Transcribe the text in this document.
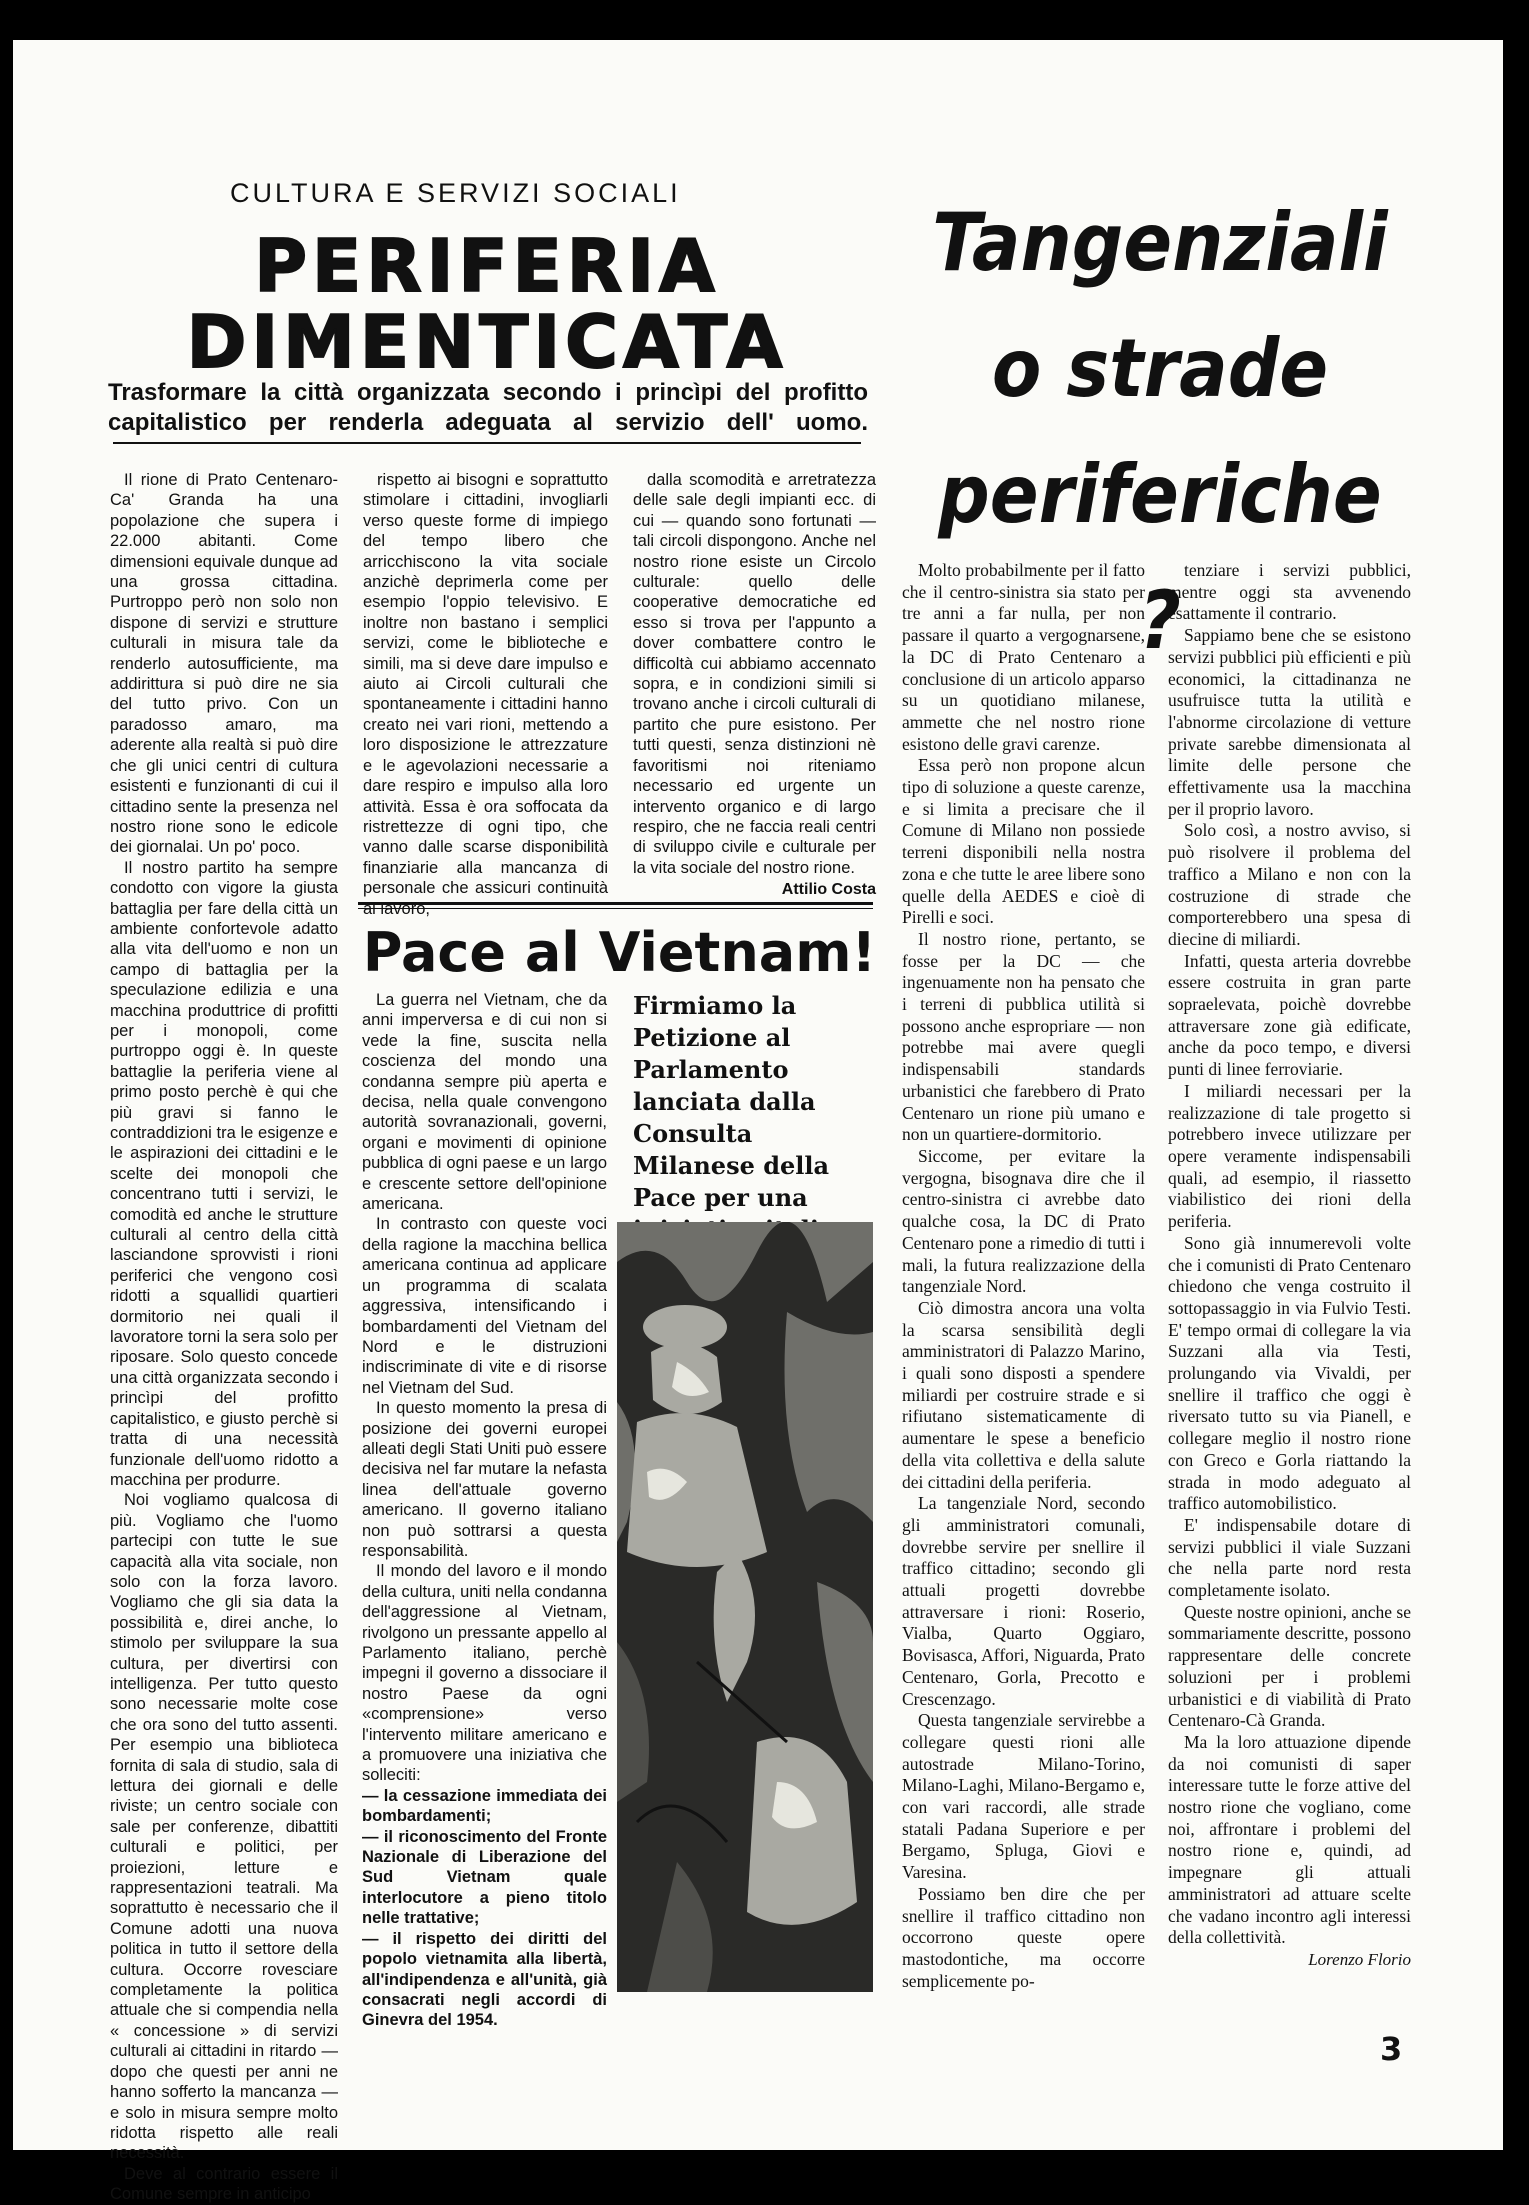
CULTURA E SERVIZI SOCIALI
PERIFERIA
DIMENTICATA
Trasformare la città organizzata secondo i princìpi del profitto capitalistico per renderla adeguata al servizio dell' uomo.
Tangenziali
o strade
periferiche ?

Il rione di Prato Centenaro-Ca' Granda ha una popolazione che supera i 22.000 abitanti. Come dimensioni equivale dunque ad una grossa cittadina. Purtroppo però non solo non dispone di servizi e strutture culturali in misura tale da renderlo autosufficiente, ma addirittura si può dire ne sia del tutto privo. Con un paradosso amaro, ma aderente alla realtà si può dire che gli unici centri di cultura esistenti e funzionanti di cui il cittadino sente la presenza nel nostro rione sono le edicole dei giornalai. Un po' poco.

Il nostro partito ha sempre condotto con vigore la giusta battaglia per fare della città un ambiente confortevole adatto alla vita dell'uomo e non un campo di battaglia per la speculazione edilizia e una macchina produttrice di profitti per i monopoli, come purtroppo oggi è. In queste battaglie la periferia viene al primo posto perchè è qui che più gravi si fanno le contraddizioni tra le esigenze e le aspirazioni dei cittadini e le scelte dei monopoli che concentrano tutti i servizi, le comodità ed anche le strutture culturali al centro della città lasciandone sprovvisti i rioni periferici che vengono così ridotti a squallidi quartieri dormitorio nei quali il lavoratore torni la sera solo per riposare. Solo questo concede una città organizzata secondo i princìpi del profitto capitalistico, e giusto perchè si tratta di una necessità funzionale dell'uomo ridotto a macchina per produrre.

Noi vogliamo qualcosa di più. Vogliamo che l'uomo partecipi con tutte le sue capacità alla vita sociale, non solo con la forza lavoro. Vogliamo che gli sia data la possibilità e, direi anche, lo stimolo per sviluppare la sua cultura, per divertirsi con intelligenza. Per tutto questo sono necessarie molte cose che ora sono del tutto assenti. Per esempio una biblioteca fornita di sala di studio, sala di lettura dei giornali e delle riviste; un centro sociale con sale per conferenze, dibattiti culturali e politici, per proiezioni, letture e rappresentazioni teatrali. Ma soprattutto è necessario che il Comune adotti una nuova politica in tutto il settore della cultura. Occorre rovesciare completamente la politica attuale che si compendia nella « concessione » di servizi culturali ai cittadini in ritardo — dopo che questi per anni ne hanno sofferto la mancanza — e solo in misura sempre molto ridotta rispetto alle reali necessità.

Deve al contrario essere il Comune sempre in anticipo

rispetto ai bisogni e soprattutto stimolare i cittadini, invogliarli verso queste forme di impiego del tempo libero che arricchiscono la vita sociale anzichè deprimerla come per esempio l'oppio televisivo. E inoltre non bastano i semplici servizi, come le biblioteche e simili, ma si deve dare impulso e aiuto ai Circoli culturali che spontaneamente i cittadini hanno creato nei vari rioni, mettendo a loro disposizione le attrezzature e le agevolazioni necessarie a dare respiro e impulso alla loro attività. Essa è ora soffocata da ristrettezze di ogni tipo, che vanno dalle scarse disponibilità finanziarie alla mancanza di personale che assicuri continuità al lavoro,

dalla scomodità e arretratezza delle sale degli impianti ecc. di cui — quando sono fortunati — tali circoli dispongono. Anche nel nostro rione esiste un Circolo culturale: quello delle cooperative democratiche ed esso si trova per l'appunto a dover combattere contro le difficoltà cui abbiamo accennato sopra, e in condizioni simili si trovano anche i circoli culturali di partito che pure esistono. Per tutti questi, senza distinzioni nè favoritismi noi riteniamo necessario ed urgente un intervento organico e di largo respiro, che ne faccia reali centri di sviluppo civile e culturale per la vita sociale del nostro rione.

Attilio Costa
Pace al Vietnam!

La guerra nel Vietnam, che da anni imperversa e di cui non si vede la fine, suscita nella coscienza del mondo una condanna sempre più aperta e decisa, nella quale convengono autorità sovranazionali, governi, organi e movimenti di opinione pubblica di ogni paese e un largo e crescente settore dell'opinione americana.

In contrasto con queste voci della ragione la macchina bellica americana continua ad applicare un programma di scalata aggressiva, intensificando i bombardamenti del Vietnam del Nord e le distruzioni indiscriminate di vite e di risorse nel Vietnam del Sud.

In questo momento la presa di posizione dei governi europei alleati degli Stati Uniti può essere decisiva nel far mutare la nefasta linea dell'attuale governo americano. Il governo italiano non può sottrarsi a questa responsabilità.

Il mondo del lavoro e il mondo della cultura, uniti nella condanna dell'aggressione al Vietnam, rivolgono un pressante appello al Parlamento italiano, perchè impegni il governo a dissociare il nostro Paese da ogni «comprensione» verso l'intervento militare americano e a promuovere una iniziativa che solleciti:

— la cessazione immediata dei bombardamenti;
— il riconoscimento del Fronte Nazionale di Liberazione del Sud Vietnam quale interlocutore a pieno titolo nelle trattative;
— il rispetto dei diritti del popolo vietnamita alla libertà, all'indipendenza e all'unità, già consacrati negli accordi di Ginevra del 1954.
Firmiamo la Petizione al Parlamento lanciata dalla Consulta Milanese della Pace per una

Molto probabilmente per il fatto che il centro-sinistra sia stato per tre anni a far nulla, per non passare il quarto a vergognarsene, la DC di Prato Centenaro a conclusione di un articolo apparso su un quotidiano milanese, ammette che nel nostro rione esistono delle gravi carenze.

Essa però non propone alcun tipo di soluzione a queste carenze, e si limita a precisare che il Comune di Milano non possiede terreni disponibili nella nostra zona e che tutte le aree libere sono quelle della AEDES e cioè di Pirelli e soci.

Il nostro rione, pertanto, se fosse per la DC — che ingenuamente non ha pensato che i terreni di pubblica utilità si possono anche espropriare — non potrebbe mai avere quegli indispensabili standards urbanistici che farebbero di Prato Centenaro un rione più umano e non un quartiere-dormitorio.

Siccome, per evitare la vergogna, bisognava dire che il centro-sinistra ci avrebbe dato qualche cosa, la DC di Prato Centenaro pone a rimedio di tutti i mali, la futura realizzazione della tangenziale Nord.

Ciò dimostra ancora una volta la scarsa sensibilità degli amministratori di Palazzo Marino, i quali sono disposti a spendere miliardi per costruire strade e si rifiutano sistematicamente di aumentare le spese a beneficio della vita collettiva e della salute dei cittadini della periferia.

La tangenziale Nord, secondo gli amministratori comunali, dovrebbe servire per snellire il traffico cittadino; secondo gli attuali progetti dovrebbe attraversare i rioni: Roserio, Vialba, Quarto Oggiaro, Bovisasca, Affori, Niguarda, Prato Centenaro, Gorla, Precotto e Crescenzago.

Questa tangenziale servirebbe a collegare questi rioni alle autostrade Milano-Torino, Milano-Laghi, Milano-Bergamo e, con vari raccordi, alle strade statali Padana Superiore e per Bergamo, Spluga, Giovi e Varesina.

Possiamo ben dire che per snellire il traffico cittadino non occorrono queste opere mastodontiche, ma occorre semplicemente po-

tenziare i servizi pubblici, mentre oggi sta avvenendo esattamente il contrario.

Sappiamo bene che se esistono servizi pubblici più efficienti e più economici, la cittadinanza ne usufruisce tutta la utilità e l'abnorme circolazione di vetture private sarebbe dimensionata al limite delle persone che effettivamente usa la macchina per il proprio lavoro.

Solo così, a nostro avviso, si può risolvere il problema del traffico a Milano e non con la costruzione di strade che comporterebbero una spesa di diecine di miliardi.

Infatti, questa arteria dovrebbe essere costruita in gran parte sopraelevata, poichè dovrebbe attraversare zone già edificate, anche da poco tempo, e diversi punti di linee ferroviarie.

I miliardi necessari per la realizzazione di tale progetto si potrebbero invece utilizzare per opere veramente indispensabili quali, ad esempio, il riassetto viabilistico dei rioni della periferia.

Sono già innumerevoli volte che i comunisti di Prato Centenaro chiedono che venga costruito il sottopassaggio in via Fulvio Testi. E' tempo ormai di collegare la via Suzzani alla via Testi, prolungando via Vivaldi, per snellire il traffico che oggi è riversato tutto su via Pianell, e collegare meglio il nostro rione con Greco e Gorla riattando la strada in modo adeguato al traffico automobilistico.

E' indispensabile dotare di servizi pubblici il viale Suzzani che nella parte nord resta completamente isolato.

Queste nostre opinioni, anche se sommariamente descritte, possono rappresentare delle concrete soluzioni per i problemi urbanistici e di viabilità di Prato Centenaro-Cà Granda.

Ma la loro attuazione dipende da noi comunisti di saper interessare tutte le forze attive del nostro rione che vogliano, come noi, affrontare i problemi del nostro rione e, quindi, ad impegnare gli attuali amministratori ad attuare scelte che vadano incontro agli interessi della collettività.

Lorenzo Florio
3
